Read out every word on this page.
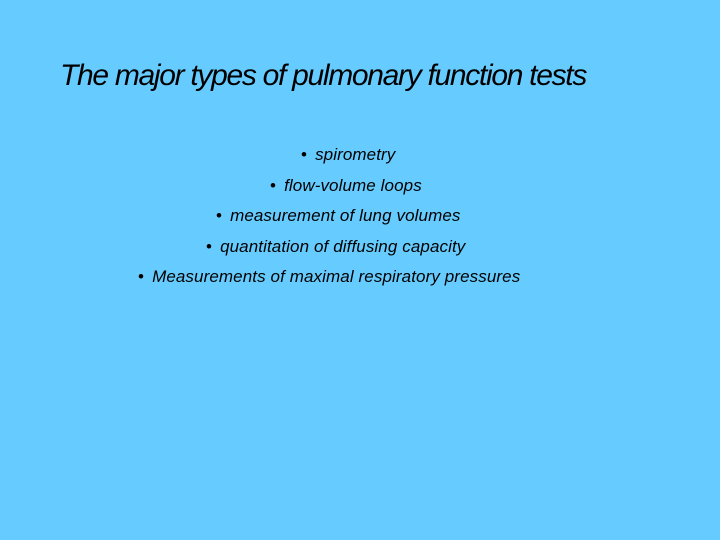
The major types of pulmonary function tests
• spirometry
• flow-volume loops
• measurement of lung volumes
• quantitation of diffusing capacity
• Measurements of maximal respiratory pressures
